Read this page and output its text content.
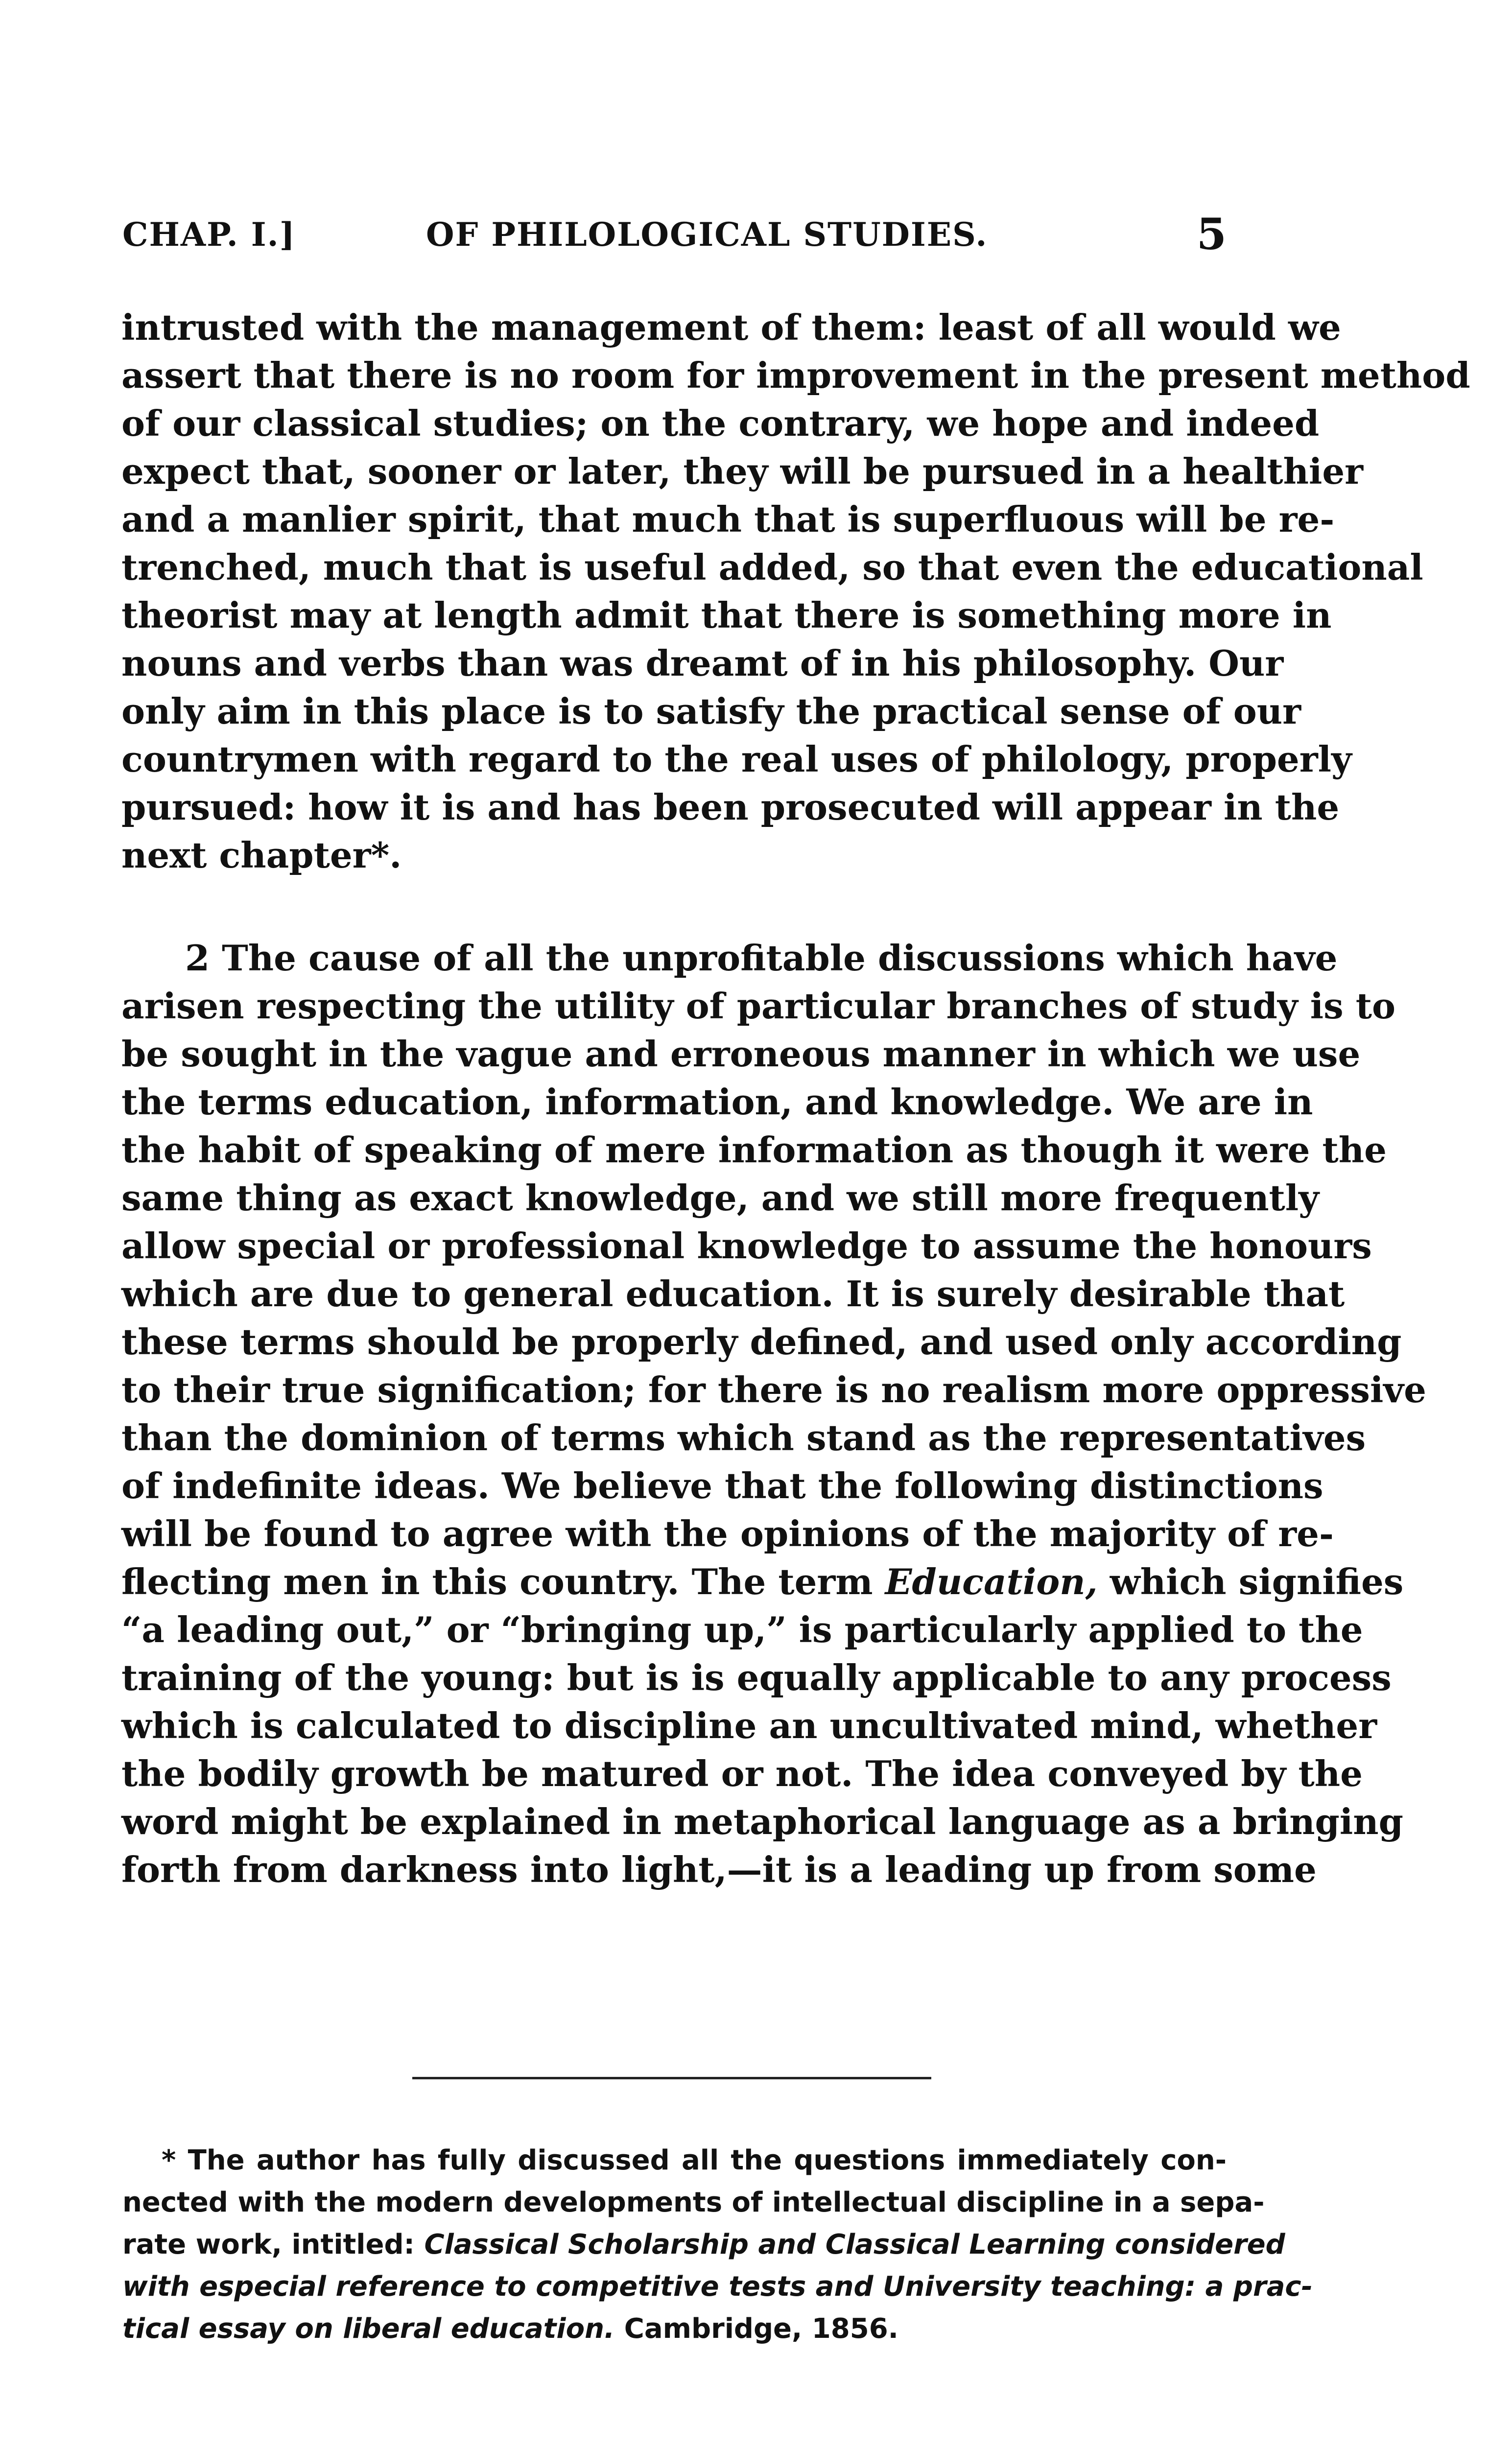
CHAP. I.]	OF PHILOLOGICAL STUDIES.	5
intrusted with the management of them: least of all would we
assert that there is no room for improvement in the present method
of our classical studies; on the contrary, we hope and indeed
expect that, sooner or later, they will be pursued in a healthier
and a manlier spirit, that much that is superfluous will be re-
trenched, much that is useful added, so that even the educational
theorist may at length admit that there is something more in
nouns and verbs than was dreamt of in his philosophy. Our
only aim in this place is to satisfy the practical sense of our
countrymen with regard to the real uses of philology, properly
pursued: how it is and has been prosecuted will appear in the
next chapter*.
2 The cause of all the unprofitable discussions which have
arisen respecting the utility of particular branches of study is to
be sought in the vague and erroneous manner in which we use
the terms education, information, and knowledge. We are in
the habit of speaking of mere information as though it were the
same thing as exact knowledge, and we still more frequently
allow special or professional knowledge to assume the honours
which are due to general education. It is surely desirable that
these terms should be properly defined, and used only according
to their true signification; for there is no realism more oppressive
than the dominion of terms which stand as the representatives
of indefinite ideas. We believe that the following distinctions
will be found to agree with the opinions of the majority of re-
flecting men in this country. The term Education, which signifies
“a leading out,” or “bringing up,” is particularly applied to the
training of the young: but is is equally applicable to any process
which is calculated to discipline an uncultivated mind, whether
the bodily growth be matured or not. The idea conveyed by the
word might be explained in metaphorical language as a bringing
forth from darkness into light,—it is a leading up from some
* The author has fully discussed all the questions immediately con-
nected with the modern developments of intellectual discipline in a sepa-
rate work, intitled: Classical Scholarship and Classical Learning considered
with especial reference to competitive tests and University teaching: a prac-
tical essay on liberal education. Cambridge, 1856.
